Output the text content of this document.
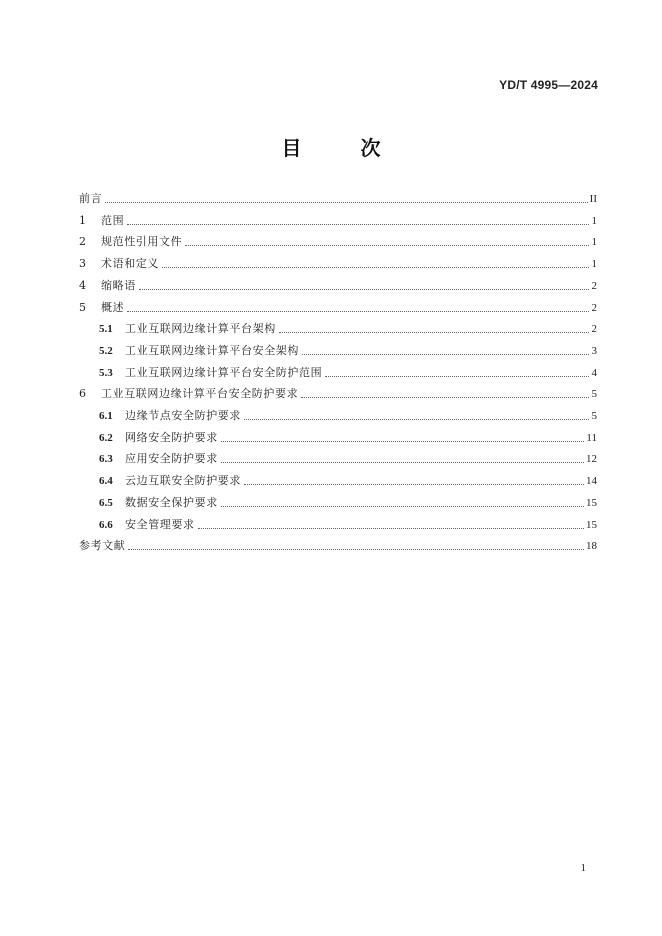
YD/T 4995—2024
目 次
前言	II
1	范围	1
2	规范性引用文件	1
3	术语和定义	1
4	缩略语	2
5	概述	2
5.1	工业互联网边缘计算平台架构	2
5.2	工业互联网边缘计算平台安全架构	3
5.3	工业互联网边缘计算平台安全防护范围	4
6	工业互联网边缘计算平台安全防护要求	5
6.1	边缘节点安全防护要求	5
6.2	网络安全防护要求	11
6.3	应用安全防护要求	12
6.4	云边互联安全防护要求	14
6.5	数据安全保护要求	15
6.6	安全管理要求	15
参考文献	18
1
